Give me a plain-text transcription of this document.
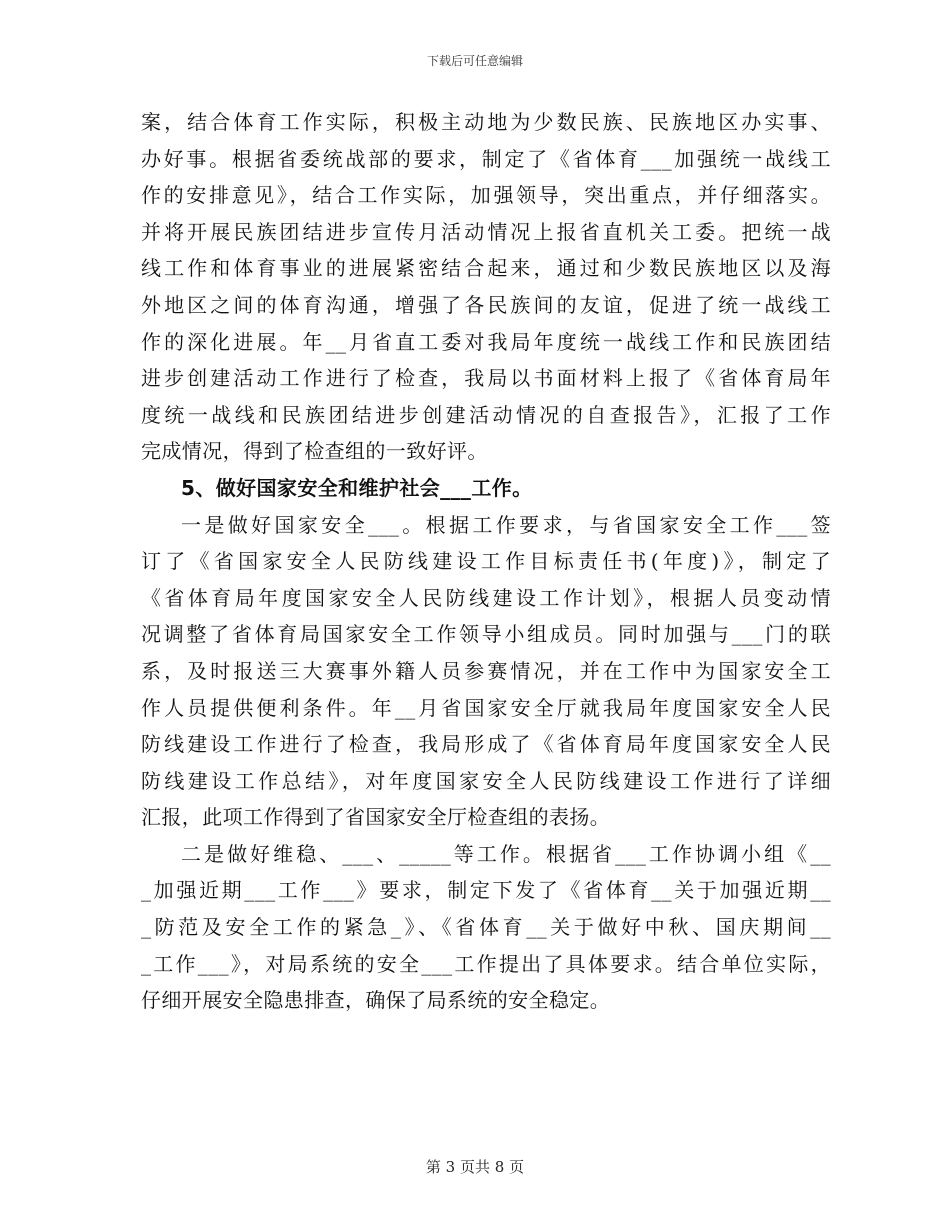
下载后可任意编辑
案，结合体育工作实际，积极主动地为少数民族、民族地区办实事、
办好事。根据省委统战部的要求，制定了《省体育___加强统一战线工
作的安排意见》，结合工作实际，加强领导，突出重点，并仔细落实。
并将开展民族团结进步宣传月活动情况上报省直机关工委。把统一战
线工作和体育事业的进展紧密结合起来，通过和少数民族地区以及海
外地区之间的体育沟通，增强了各民族间的友谊，促进了统一战线工
作的深化进展。年__月省直工委对我局年度统一战线工作和民族团结
进步创建活动工作进行了检查，我局以书面材料上报了《省体育局年
度统一战线和民族团结进步创建活动情况的自查报告》，汇报了工作
完成情况，得到了检查组的一致好评。
5、做好国家安全和维护社会___工作。
一是做好国家安全___。根据工作要求，与省国家安全工作___签
订了《省国家安全人民防线建设工作目标责任书(年度)》，制定了
《省体育局年度国家安全人民防线建设工作计划》，根据人员变动情
况调整了省体育局国家安全工作领导小组成员。同时加强与___门的联
系，及时报送三大赛事外籍人员参赛情况，并在工作中为国家安全工
作人员提供便利条件。年__月省国家安全厅就我局年度国家安全人民
防线建设工作进行了检查，我局形成了《省体育局年度国家安全人民
防线建设工作总结》，对年度国家安全人民防线建设工作进行了详细
汇报，此项工作得到了省国家安全厅检查组的表扬。
二是做好维稳、___、_____等工作。根据省___工作协调小组《__
_加强近期___工作___》要求，制定下发了《省体育__关于加强近期__
_防范及安全工作的紧急_》、《省体育__关于做好中秋、国庆期间__
_工作___》，对局系统的安全___工作提出了具体要求。结合单位实际，
仔细开展安全隐患排查，确保了局系统的安全稳定。
第 3 页共 8 页
